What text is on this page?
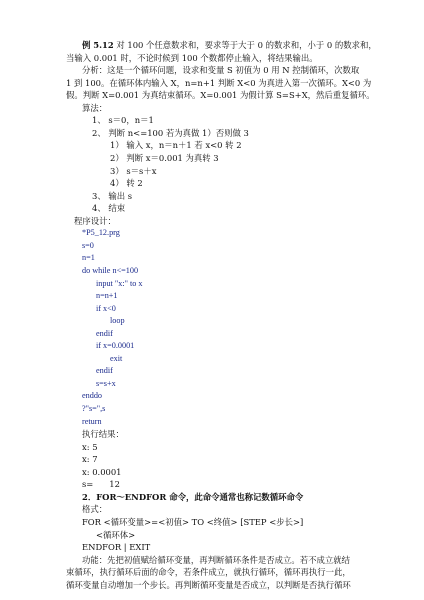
例 5.12 对 100 个任意数求和，要求等于大于 0 的数求和，小于 0 的数求和，
当输入 0.001 时，不论时候到 100 个数都停止输入，将结果输出。
分析：这是一个循环问题，设求和变量 S 初值为 0 用 N 控制循环，次数取
1 到 100。在循环体内输入 X，n=n+1 判断 X<0 为真进入第一次循环。X<0 为
假。判断 X=0.001 为真结束循环。X=0.001 为假计算 S=S+X，然后重复循环。
算法：
1、 s＝0，n＝1
2、 判断 n<=100 若为真做 1）否则做 3
1） 输入 x，n＝n＋1 若 x<0 转 2
2） 判断 x＝0.001 为真转 3
3） s＝s＋x
4） 转 2
3、 输出 s
4、 结束
程序设计：
*P5_12.prg
s=0
n=1
do while n<=100
input "x:" to x
n=n+1
if x<0
loop
endif
if x=0.0001
exit
endif
s=s+x
enddo
?"s=",s
return
执行结果：
x: 5
x: 7
x: 0.0001
s=      12
2．FOR～ENDFOR 命令，此命令通常也称记数循环命令
格式：
FOR <循环变量>=<初值> TO <终值> [STEP <步长>]
<循环体>
ENDFOR | EXIT
功能：先把初值赋给循环变量，再判断循环条件是否成立。若不成立就结
束循环，执行循环后面的命令，若条件成立，就执行循环，循环再执行一此，
循环变量自动增加一个步长。再判断循环变量是否成立，以判断是否执行循环
